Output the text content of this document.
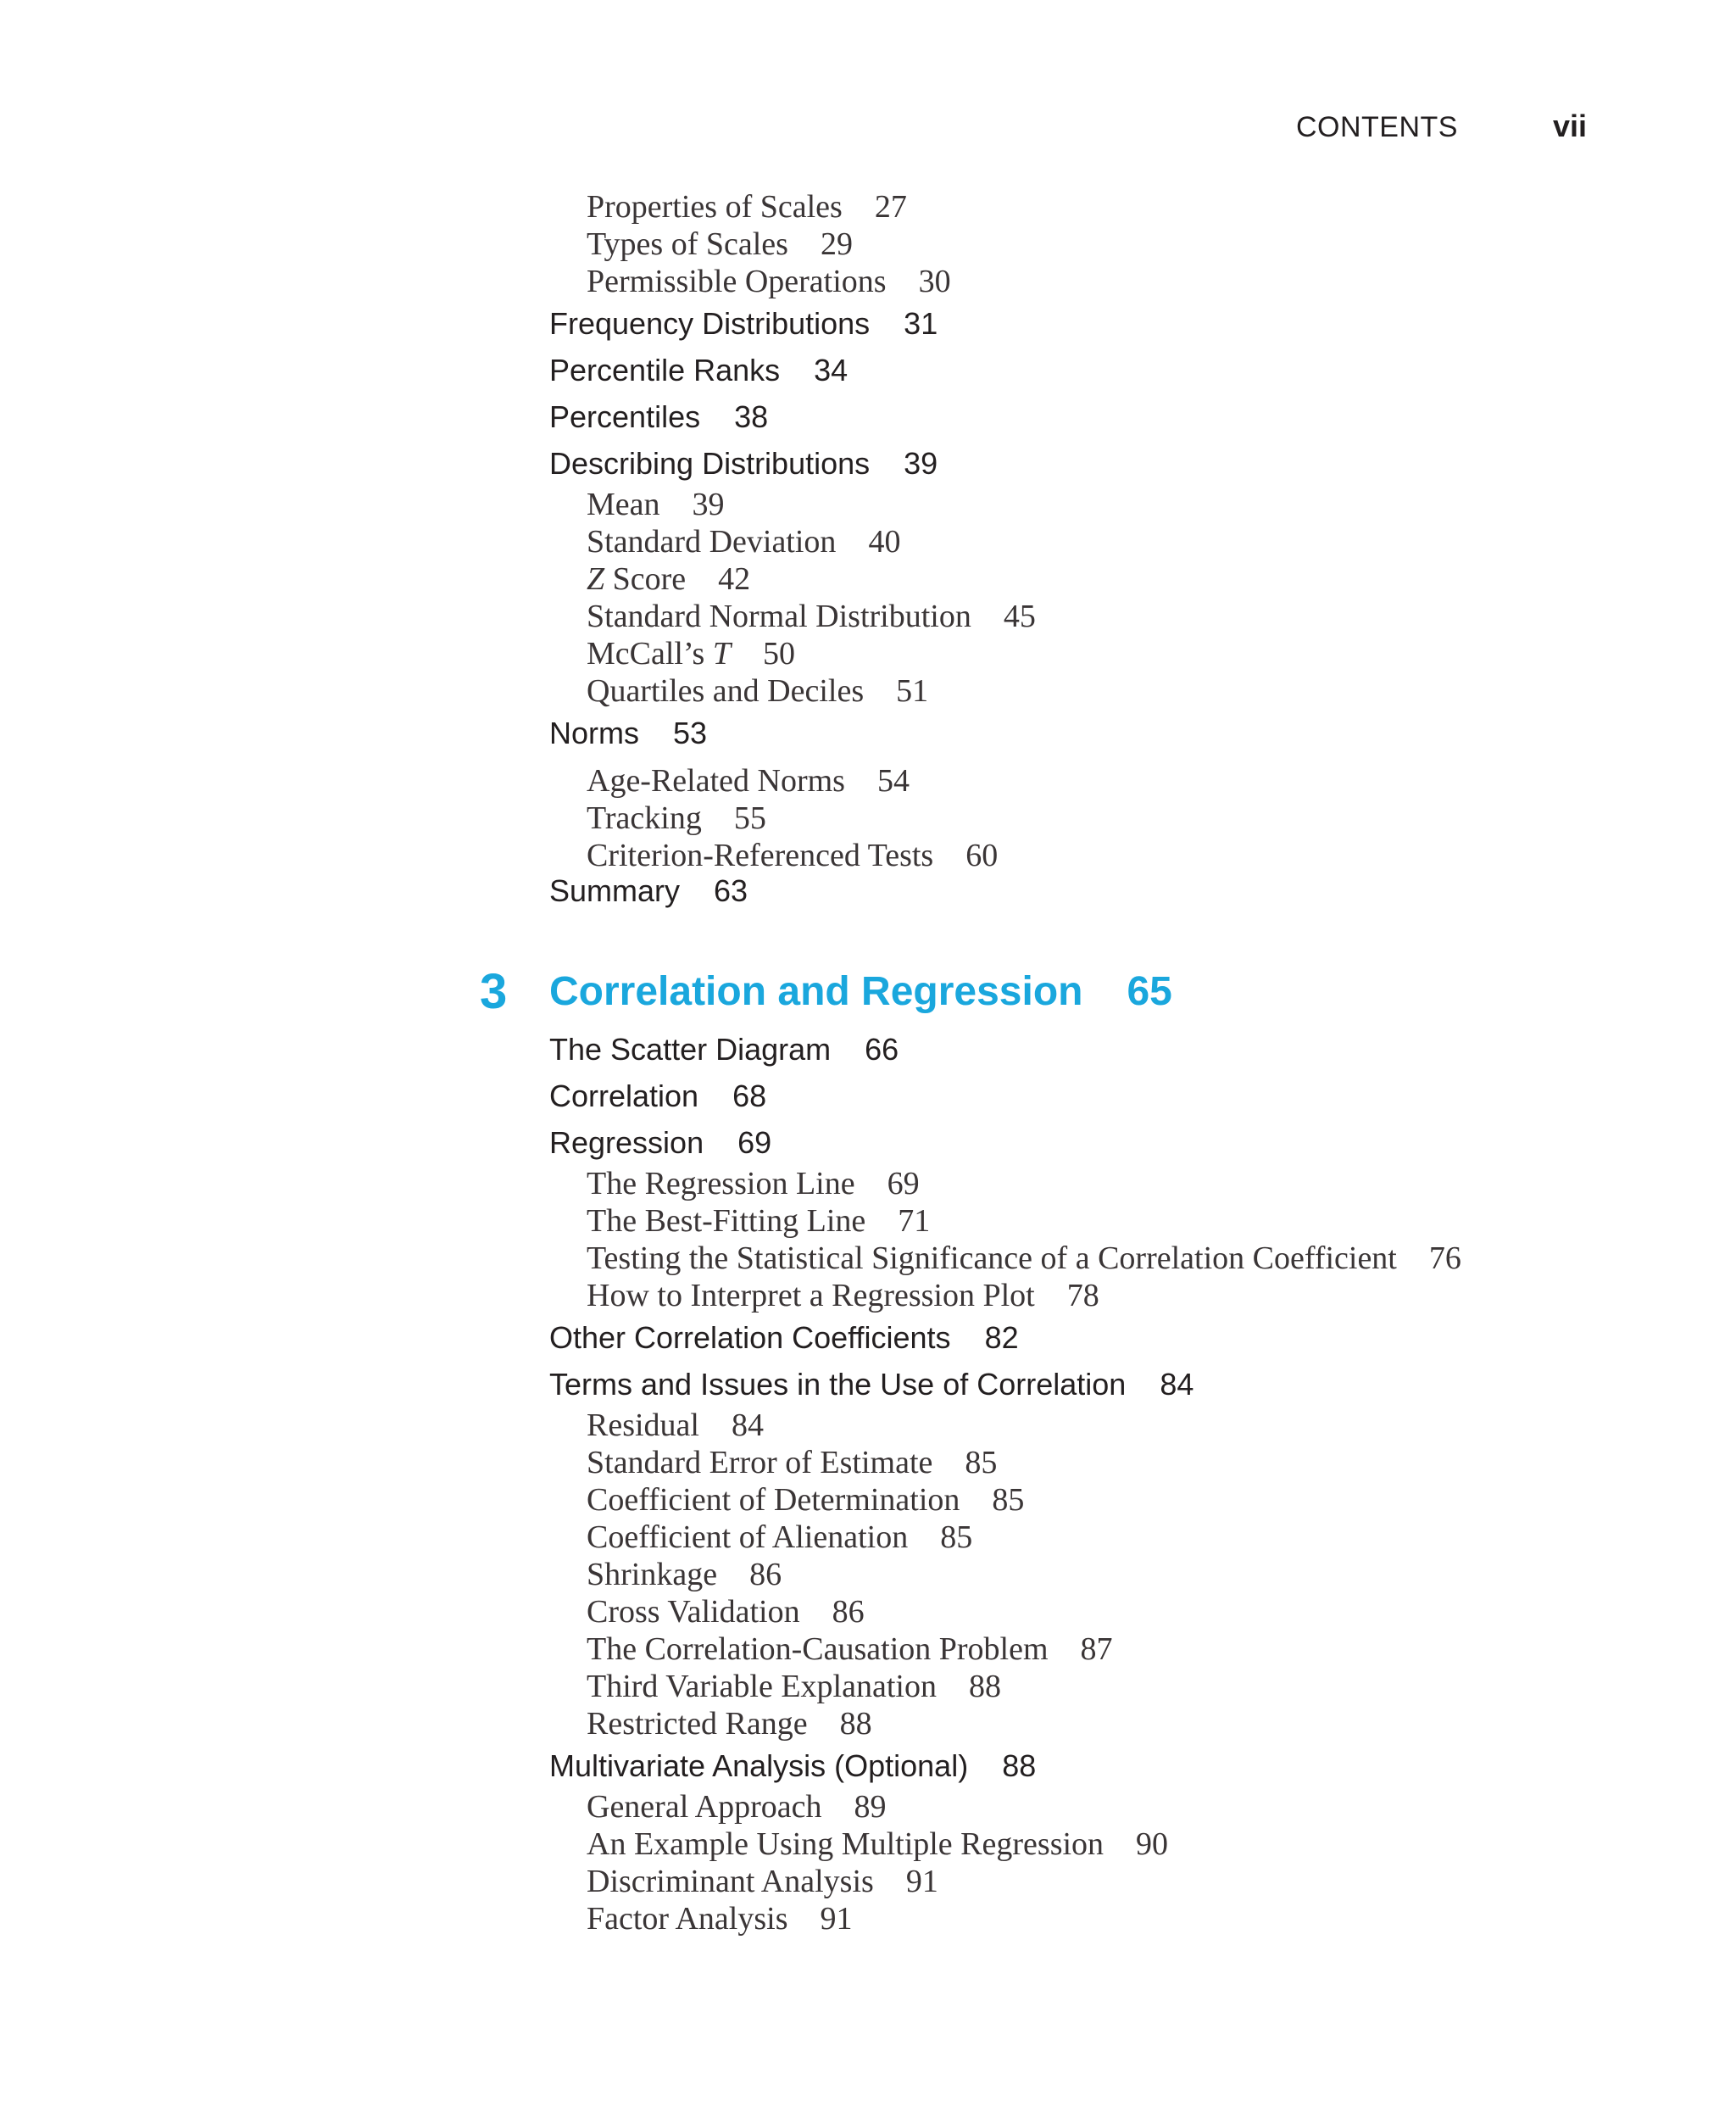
CONTENTS	vii
Properties of Scales 27
Types of Scales 29
Permissible Operations 30
Frequency Distributions 31
Percentile Ranks 34
Percentiles 38
Describing Distributions 39
Mean 39
Standard Deviation 40
Z Score 42
Standard Normal Distribution 45
McCall’s T 50
Quartiles and Deciles 51
Norms 53
Age-Related Norms 54
Tracking 55
Criterion-Referenced Tests 60
Summary 63
3 Correlation and Regression 65
The Scatter Diagram 66
Correlation 68
Regression 69
The Regression Line 69
The Best-Fitting Line 71
Testing the Statistical Significance of a Correlation Coefficient 76
How to Interpret a Regression Plot 78
Other Correlation Coefficients 82
Terms and Issues in the Use of Correlation 84
Residual 84
Standard Error of Estimate 85
Coefficient of Determination 85
Coefficient of Alienation 85
Shrinkage 86
Cross Validation 86
The Correlation-Causation Problem 87
Third Variable Explanation 88
Restricted Range 88
Multivariate Analysis (Optional) 88
General Approach 89
An Example Using Multiple Regression 90
Discriminant Analysis 91
Factor Analysis 91
